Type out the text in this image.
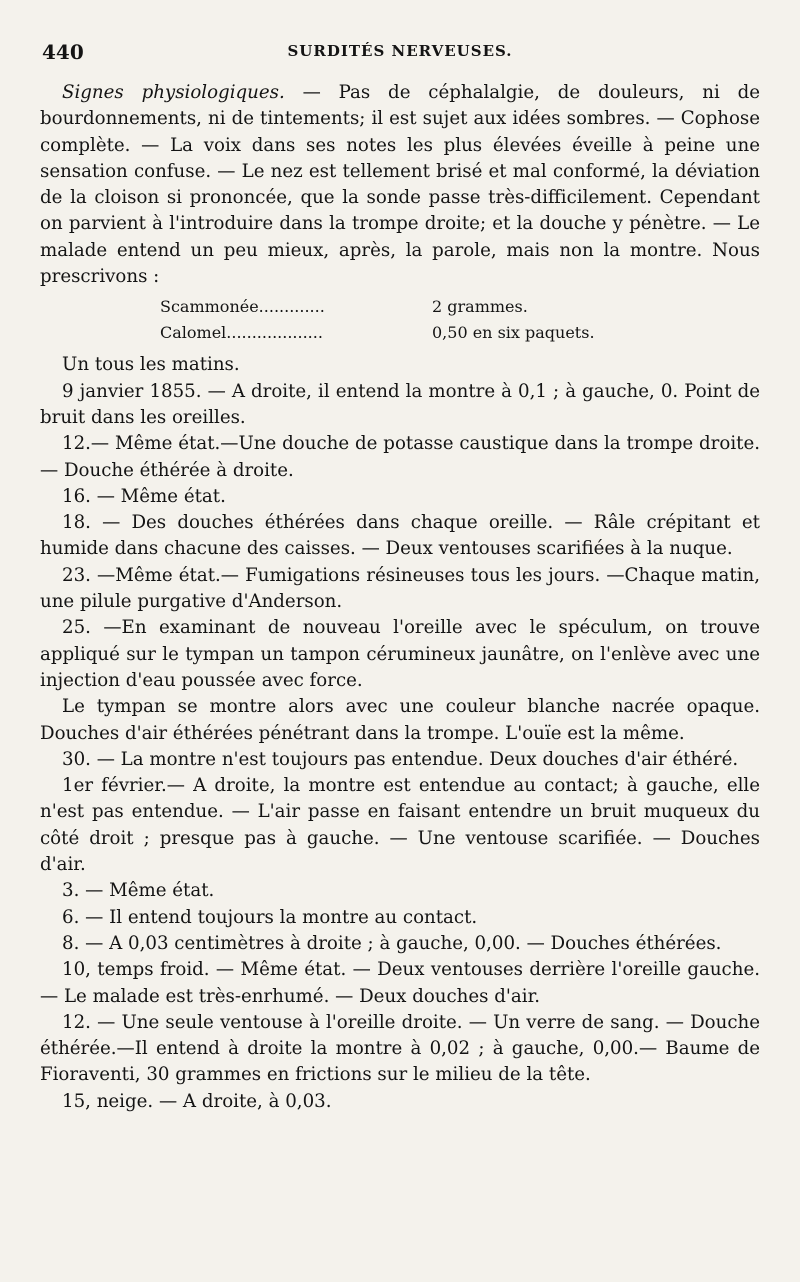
440	SURDITÉS NERVEUSES.

Signes physiologiques. — Pas de céphalalgie, de douleurs, ni de bourdonnements, ni de tintements; il est sujet aux idées sombres. — Cophose complète. — La voix dans ses notes les plus élevées éveille à peine une sensation confuse. — Le nez est tellement brisé et mal conformé, la déviation de la cloison si prononcée, que la sonde passe très-difficilement. Cependant on parvient à l'introduire dans la trompe droite; et la douche y pénètre. — Le malade entend un peu mieux, après, la parole, mais non la montre. Nous prescrivons :

Scammonée.............	2 grammes.
Calomel...................	0,50 en six paquets.

Un tous les matins.

9 janvier 1855. — A droite, il entend la montre à 0,1 ; à gauche, 0. Point de bruit dans les oreilles.

12.— Même état.—Une douche de potasse caustique dans la trompe droite. — Douche éthérée à droite.

16. — Même état.

18. — Des douches éthérées dans chaque oreille. — Râle crépitant et humide dans chacune des caisses. — Deux ventouses scarifiées à la nuque.

23. —Même état.— Fumigations résineuses tous les jours. —Chaque matin, une pilule purgative d'Anderson.

25. —En examinant de nouveau l'oreille avec le spéculum, on trouve appliqué sur le tympan un tampon cérumineux jaunâtre, on l'enlève avec une injection d'eau poussée avec force.

Le tympan se montre alors avec une couleur blanche nacrée opaque. Douches d'air éthérées pénétrant dans la trompe. L'ouïe est la même.

30. — La montre n'est toujours pas entendue. Deux douches d'air éthéré.

1er février.— A droite, la montre est entendue au contact; à gauche, elle n'est pas entendue. — L'air passe en faisant entendre un bruit muqueux du côté droit ; presque pas à gauche. — Une ventouse scarifiée. — Douches d'air.

3. — Même état.

6. — Il entend toujours la montre au contact.

8. — A 0,03 centimètres à droite ; à gauche, 0,00. — Douches éthérées.

10, temps froid. — Même état. — Deux ventouses derrière l'oreille gauche. — Le malade est très-enrhumé. — Deux douches d'air.

12. — Une seule ventouse à l'oreille droite. — Un verre de sang. — Douche éthérée.—Il entend à droite la montre à 0,02 ; à gauche, 0,00.— Baume de Fioraventi, 30 grammes en frictions sur le milieu de la tête.

15, neige. — A droite, à 0,03.
